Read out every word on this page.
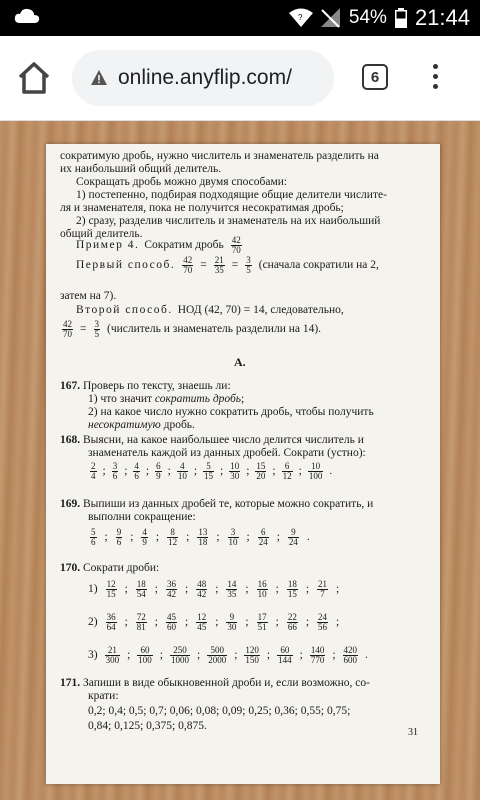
? 54% 21:44
online.anyflip.com/	6
сократимую дробь, нужно числитель и знаменатель разделить на
их наибольший общий делитель.
Сокращать дробь можно двумя способами:
1) постепенно, подбирая подходящие общие делители числите-
ля и знаменателя, пока не получится несократимая дробь;
2) сразу, разделив числитель и знаменатель на их наибольший
общий делитель.
Пример 4. Сократим дробь $\frac{42}{70}$
Первый способ. $\frac{42}{70} = \frac{21}{35} = \frac{3}{5}$ (сначала сократили на 2,
затем на 7).
Второй способ. НОД (42, 70) = 14, следовательно,
$\frac{42}{70} = \frac{3}{5}$ (числитель и знаменатель разделили на 14).
А.
167. Проверь по тексту, знаешь ли:
1) что значит сократить дробь;
2) на какое число нужно сократить дробь, чтобы получить
несократимую дробь.
168. Выясни, на какое наибольшее число делится числитель и
знаменатель каждой из данных дробей. Сократи (устно):
$\frac{2}{4}$ ; $\frac{3}{6}$ ; $\frac{4}{6}$ ; $\frac{6}{9}$ ; $\frac{4}{10}$ ; $\frac{5}{15}$ ; $\frac{10}{30}$ ; $\frac{15}{20}$ ; $\frac{6}{12}$ ; $\frac{10}{100}$ .
169. Выпиши из данных дробей те, которые можно сократить, и
выполни сокращение:
$\frac{5}{6}$ ; $\frac{9}{6}$ ; $\frac{4}{9}$ ; $\frac{8}{12}$ ; $\frac{13}{18}$ ; $\frac{3}{10}$ ; $\frac{6}{24}$ ; $\frac{9}{24}$ .
170. Сократи дроби:
$1) \frac{12}{15}$ ; $\frac{18}{54}$ ; $\frac{36}{42}$ ; $\frac{48}{42}$ ; $\frac{14}{35}$ ; $\frac{16}{10}$ ; $\frac{18}{15}$ ; $\frac{21}{7}$ ;
$2) \frac{36}{64}$ ; $\frac{72}{81}$ ; $\frac{45}{60}$ ; $\frac{12}{45}$ ; $\frac{9}{30}$ ; $\frac{17}{51}$ ; $\frac{22}{66}$ ; $\frac{24}{56}$ ;
$3) \frac{21}{300}$ ; $\frac{60}{100}$ ; $\frac{250}{1000}$ ; $\frac{500}{2000}$ ; $\frac{120}{150}$ ; $\frac{60}{144}$ ; $\frac{140}{770}$ ; $\frac{420}{600}$ .
171. Запиши в виде обыкновенной дроби и, если возможно, со-
крати:
0,2; 0,4; 0,5; 0,7; 0,06; 0,08; 0,09; 0,25; 0,36; 0,55; 0,75;
0,84; 0,125; 0,375; 0,875.
31
